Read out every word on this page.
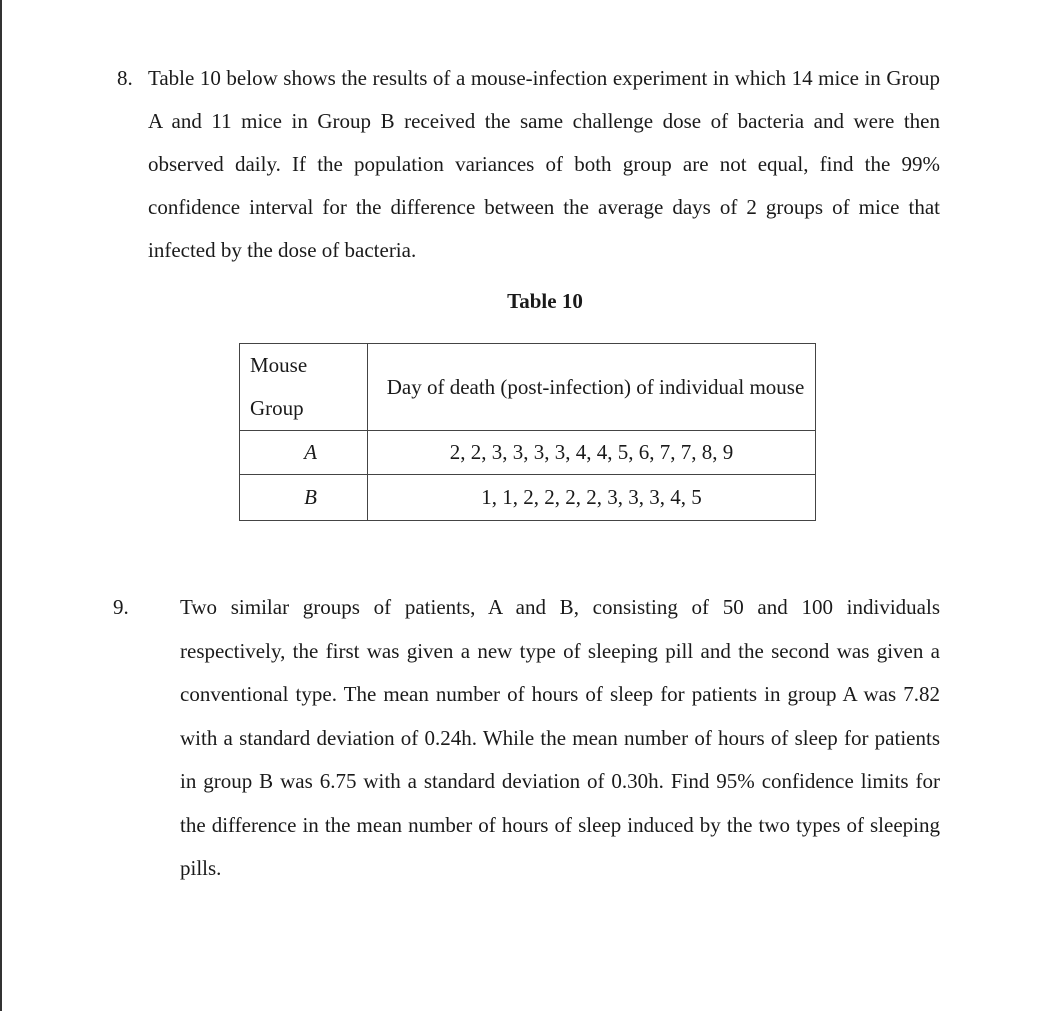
8. Table 10 below shows the results of a mouse-infection experiment in which 14 mice in Group A and 11 mice in Group B received the same challenge dose of bacteria and were then observed daily. If the population variances of both group are not equal, find the 99% confidence interval for the difference between the average days of 2 groups of mice that infected by the dose of bacteria.
Table 10
Mouse
Group	Day of death (post-infection) of individual mouse
A	2, 2, 3, 3, 3, 3, 4, 4, 5, 6, 7, 7, 8, 9
B	1, 1, 2, 2, 2, 2, 3, 3, 3, 4, 5
9. Two similar groups of patients, A and B, consisting of 50 and 100 individuals respectively, the first was given a new type of sleeping pill and the second was given a conventional type. The mean number of hours of sleep for patients in group A was 7.82 with a standard deviation of 0.24h. While the mean number of hours of sleep for patients in group B was 6.75 with a standard deviation of 0.30h. Find 95% confidence limits for the difference in the mean number of hours of sleep induced by the two types of sleeping pills.
